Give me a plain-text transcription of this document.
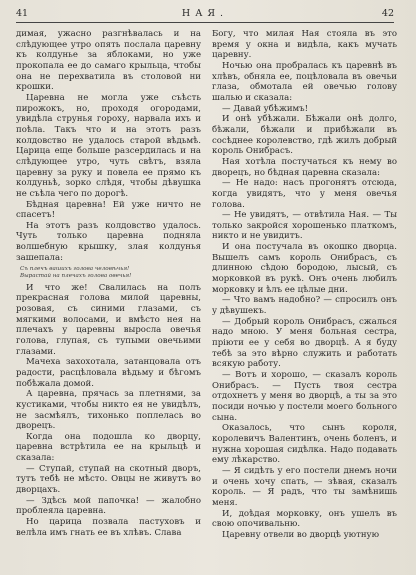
41	НАЯ.	42

димая, ужасно разгнѣвалась и на слѣдующее утро опять послала царевну къ колдунье за яблоками, но уже прокопала ее до самаго крыльца, чтобы она не перехватила въ столовой ни крошки.

Царевна не могла уже съѣсть пирожокъ, но, проходя огородами, увидѣла струнья гороху, нарвала ихъ и поѣла. Такъ что и на этотъ разъ колдовство не удалось старой вѣдьмѣ. Царица еще больше разсердилась и на слѣдующее утро, чуть свѣтъ, взяла царевну за руку и повела ее прямо къ колдуньѣ, зорко слѣдя, чтобы дѣвушка не съѣла чего по дорогѣ.

Бѣдная царевна! Ей уже ничто не спасетъ!

На этотъ разъ колдовство удалось. Чуть только царевна подняла волшебную крышку, злая колдунья зашепала:

Съ плечъ вашихъ голова человѣчья!
Вырастай на плечахъ голова овечья!

И что же! Свалилась на полъ прекрасная голова милой царевны, розовая, съ синими глазами, съ мягкими волосами, и вмѣсто нея на плечахъ у царевны выросла овечья голова, глупая, съ тупыми овечьими глазами.

Мачеха захохотала, затанцовала отъ радости, расцѣловала вѣдьму и бѣгомъ побѣжала домой.

А царевна, прячась за плетнями, за кустиками, чтобы никто ея не увидѣлъ, не засмѣялъ, тихонько поплелась во дворецъ.

Когда она подошла ко дворцу, царевна встрѣтила ее на крыльцѣ и сказала:

— Ступай, ступай на скотный дворъ, тутъ тебѣ не мѣсто. Овцы не живутъ во дворцахъ.

— Здѣсь мой папочка! — жалобно проблеяла царевна.

Но царица позвала пастуховъ и велѣла имъ гнать ее въ хлѣвъ. Слава

Богу, что милая Ная стояла въ это время у окна и видѣла, какъ мучать царевну.

Ночью она пробралась къ царевнѣ въ хлѣвъ, обняла ее, поцѣловала въ овечьи глаза, обмотала ей овечью голову шалью и сказала:

— Давай убѣжимъ!

И онѣ убѣжали. Бѣжали онѣ долго, бѣжали, бѣжали и прибѣжали въ сосѣднее королевство, гдѣ жилъ добрый король Онибрасъ.

Ная хотѣла постучаться къ нему во дворецъ, но бѣдная царевна сказала:

— Не надо: насъ прогонятъ отсюда, когда увидятъ, что у меня овечья голова.

— Не увидятъ, — отвѣтила Ная. — Ты только закройся хорошенько платкомъ, никто и не увидитъ.

И она постучала въ окошко дворца. Вышелъ самъ король Онибрасъ, съ длинною сѣдою бородою, лысый, съ морковкой въ рукѣ. Онъ очень любилъ морковку и ѣлъ ее цѣлые дни.

— Что вамъ надобно? — спросилъ онъ у дѣвушекъ.

— Добрый король Онибрасъ, сжалься надо мною. У меня больная сестра, пріюти ее у себя во дворцѣ. А я буду тебѣ за это вѣрно служить и работать всякую работу.

— Вотъ и хорошо, — сказалъ король Онибрасъ. — Пусть твоя сестра отдохнетъ у меня во дворцѣ, а ты за это посиди ночью у постели моего больного сына.

Оказалось, что сынъ короля, королевичъ Валентинъ, очень боленъ, и нужна хорошая сидѣлка. Надо подавать ему лѣкарство.

— Я сидѣть у его постели днемъ ночи и очень хочу спать, — зѣвая, сказалъ король. — Я радъ, что ты замѣнишь меня.

И, доѣдая морковку, онъ ушелъ въ свою опочивальню.

Царевну отвели во дворцѣ уютную
